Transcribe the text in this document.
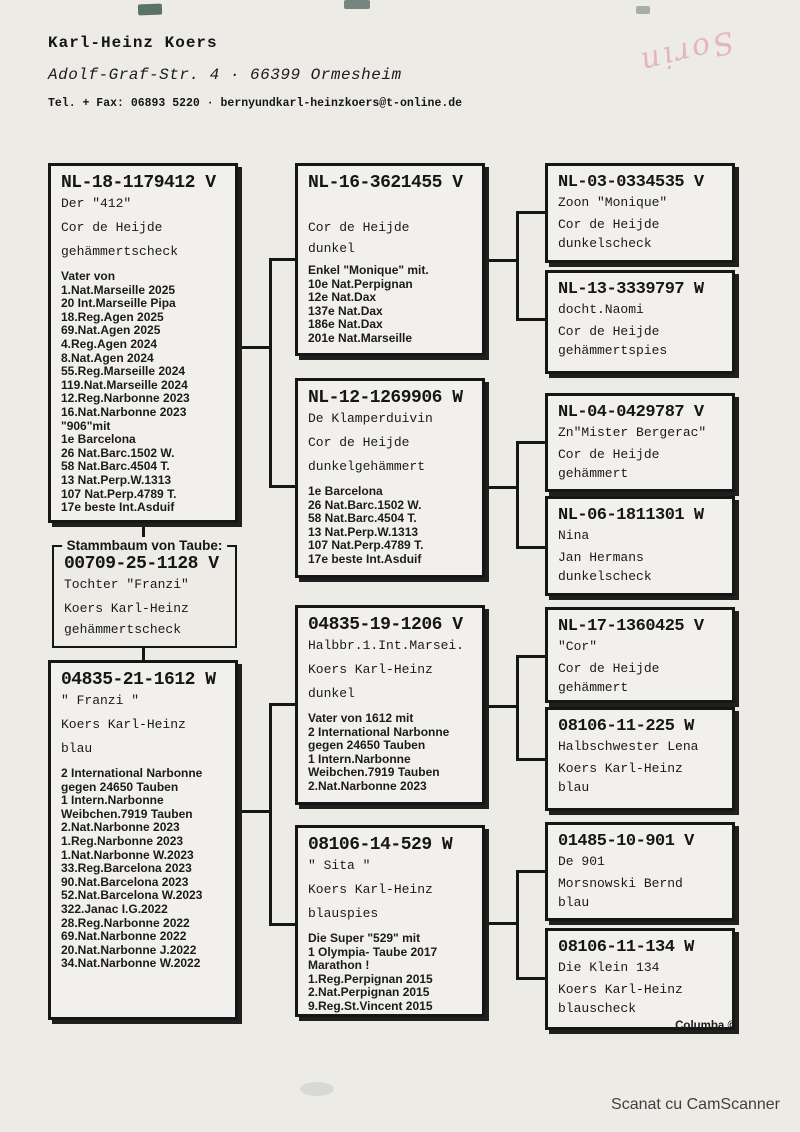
Karl-Heinz Koers
Adolf-Graf-Str. 4 · 66399 Ormesheim
Tel. + Fax: 06893 5220 · bernyundkarl-heinzkoers@t-online.de
Sorin
NL-18-1179412 V
Der "412"
Cor de Heijde
gehämmertscheck
Vater von
1.Nat.Marseille 2025
20 Int.Marseille Pipa
18.Reg.Agen 2025
69.Nat.Agen 2025
4.Reg.Agen 2024
8.Nat.Agen 2024
55.Reg.Marseille 2024
119.Nat.Marseille 2024
12.Reg.Narbonne 2023
16.Nat.Narbonne 2023
"906"mit
1e Barcelona
26 Nat.Barc.1502 W.
58 Nat.Barc.4504 T.
13 Nat.Perp.W.1313
107 Nat.Perp.4789 T.
17e beste Int.Asduif
Stammbaum von Taube:
00709-25-1128 V
Tochter "Franzi"
Koers Karl-Heinz
gehämmertscheck
04835-21-1612 W
" Franzi "
Koers Karl-Heinz
blau
2 International Narbonne
gegen 24650 Tauben
1 Intern.Narbonne
Weibchen.7919 Tauben
2.Nat.Narbonne 2023
1.Reg.Narbonne 2023
1.Nat.Narbonne W.2023
33.Reg.Barcelona 2023
90.Nat.Barcelona 2023
52.Nat.Barcelona W.2023
322.Janac I.G.2022
28.Reg.Narbonne 2022
69.Nat.Narbonne 2022
20.Nat.Narbonne J.2022
34.Nat.Narbonne W.2022
NL-16-3621455 V
Cor de Heijde
dunkel
Enkel "Monique" mit.
10e Nat.Perpignan
12e Nat.Dax
137e Nat.Dax
186e Nat.Dax
201e Nat.Marseille
NL-12-1269906 W
De Klamperduivin
Cor de Heijde
dunkelgehämmert
1e Barcelona
26 Nat.Barc.1502 W.
58 Nat.Barc.4504 T.
13 Nat.Perp.W.1313
107 Nat.Perp.4789 T.
17e beste Int.Asduif
04835-19-1206 V
Halbbr.1.Int.Marsei.
Koers Karl-Heinz
dunkel
Vater von 1612 mit
2 International Narbonne
gegen 24650 Tauben
1 Intern.Narbonne
Weibchen.7919 Tauben
2.Nat.Narbonne 2023
08106-14-529 W
" Sita "
Koers Karl-Heinz
blauspies
Die Super "529" mit
1 Olympia- Taube 2017
Marathon !
1.Reg.Perpignan 2015
2.Nat.Perpignan 2015
9.Reg.St.Vincent 2015
NL-03-0334535 V
Zoon "Monique"
Cor de Heijde
dunkelscheck
NL-13-3339797 W
docht.Naomi
Cor de Heijde
gehämmertspies
NL-04-0429787 V
Zn"Mister Bergerac"
Cor de Heijde
gehämmert
NL-06-1811301 W
Nina
Jan Hermans
dunkelscheck
NL-17-1360425 V
"Cor"
Cor de Heijde
gehämmert
08106-11-225 W
Halbschwester Lena
Koers Karl-Heinz
blau
01485-10-901 V
De 901
Morsnowski Bernd
blau
08106-11-134 W
Die Klein 134
Koers Karl-Heinz
blauscheck
Columba ©
Scanat cu CamScanner
